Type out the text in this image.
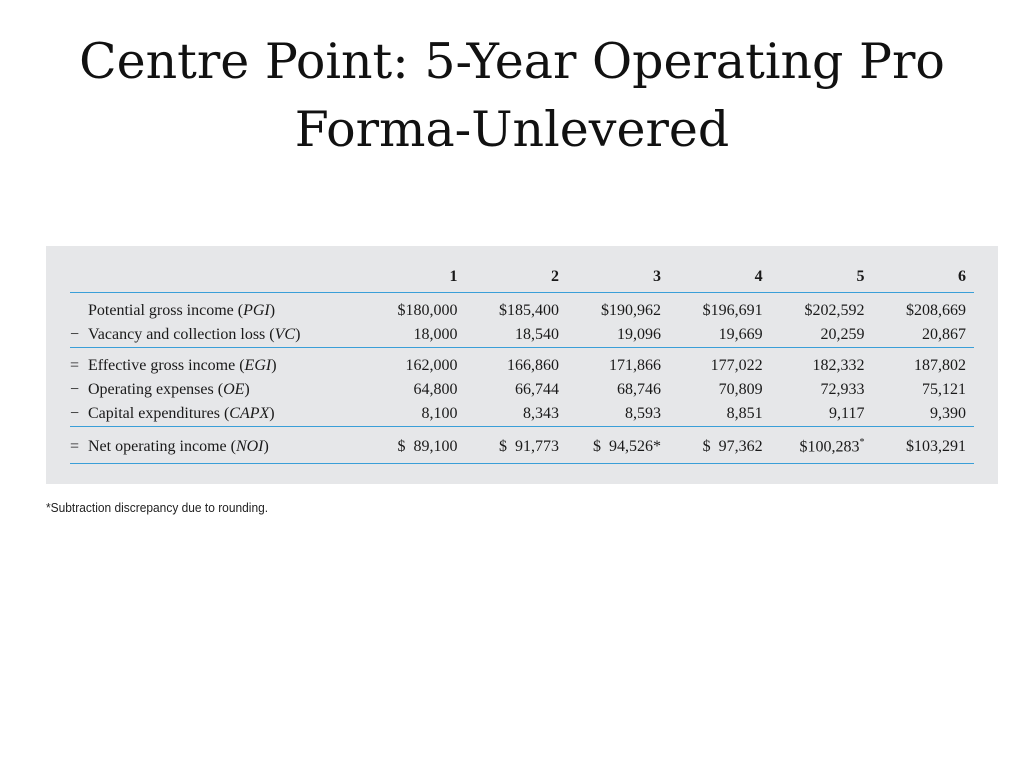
Centre Point: 5-Year Operating Pro
Forma-Unlevered
	1	2	3	4	5	6
Potential gross income (PGI)	$180,000	$185,400	$190,962	$196,691	$202,592	$208,669
− Vacancy and collection loss (VC)	18,000	18,540	19,096	19,669	20,259	20,867
= Effective gross income (EGI)	162,000	166,860	171,866	177,022	182,332	187,802
− Operating expenses (OE)	64,800	66,744	68,746	70,809	72,933	75,121
− Capital expenditures (CAPX)	8,100	8,343	8,593	8,851	9,117	9,390
= Net operating income (NOI)	$  89,100	$  91,773	$  94,526*	$  97,362	$100,283*	$103,291
*Subtraction discrepancy due to rounding.
